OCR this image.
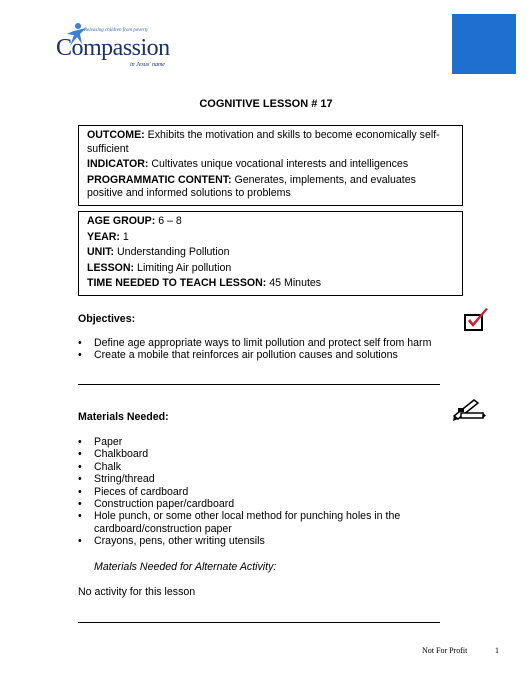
Releasing children from poverty
Compassion
in Jesus' name
COGNITIVE LESSON # 17

OUTCOME: Exhibits the motivation and skills to become economically self-sufficient

INDICATOR: Cultivates unique vocational interests and intelligences

PROGRAMMATIC CONTENT: Generates, implements, and evaluates positive and informed solutions to problems

AGE GROUP: 6 – 8

YEAR: 1

UNIT: Understanding Pollution

LESSON: Limiting Air pollution

TIME NEEDED TO TEACH LESSON: 45 Minutes

Objectives:
• Define age appropriate ways to limit pollution and protect self from harm
• Create a mobile that reinforces air pollution causes and solutions
Materials Needed:
• Paper
• Chalkboard
• Chalk
• String/thread
• Pieces of cardboard
• Construction paper/cardboard
• Hole punch, or some other local method for punching holes in the cardboard/construction paper
• Crayons, pens, other writing utensils
Materials Needed for Alternate Activity:
No activity for this lesson
Not For Profit	1
